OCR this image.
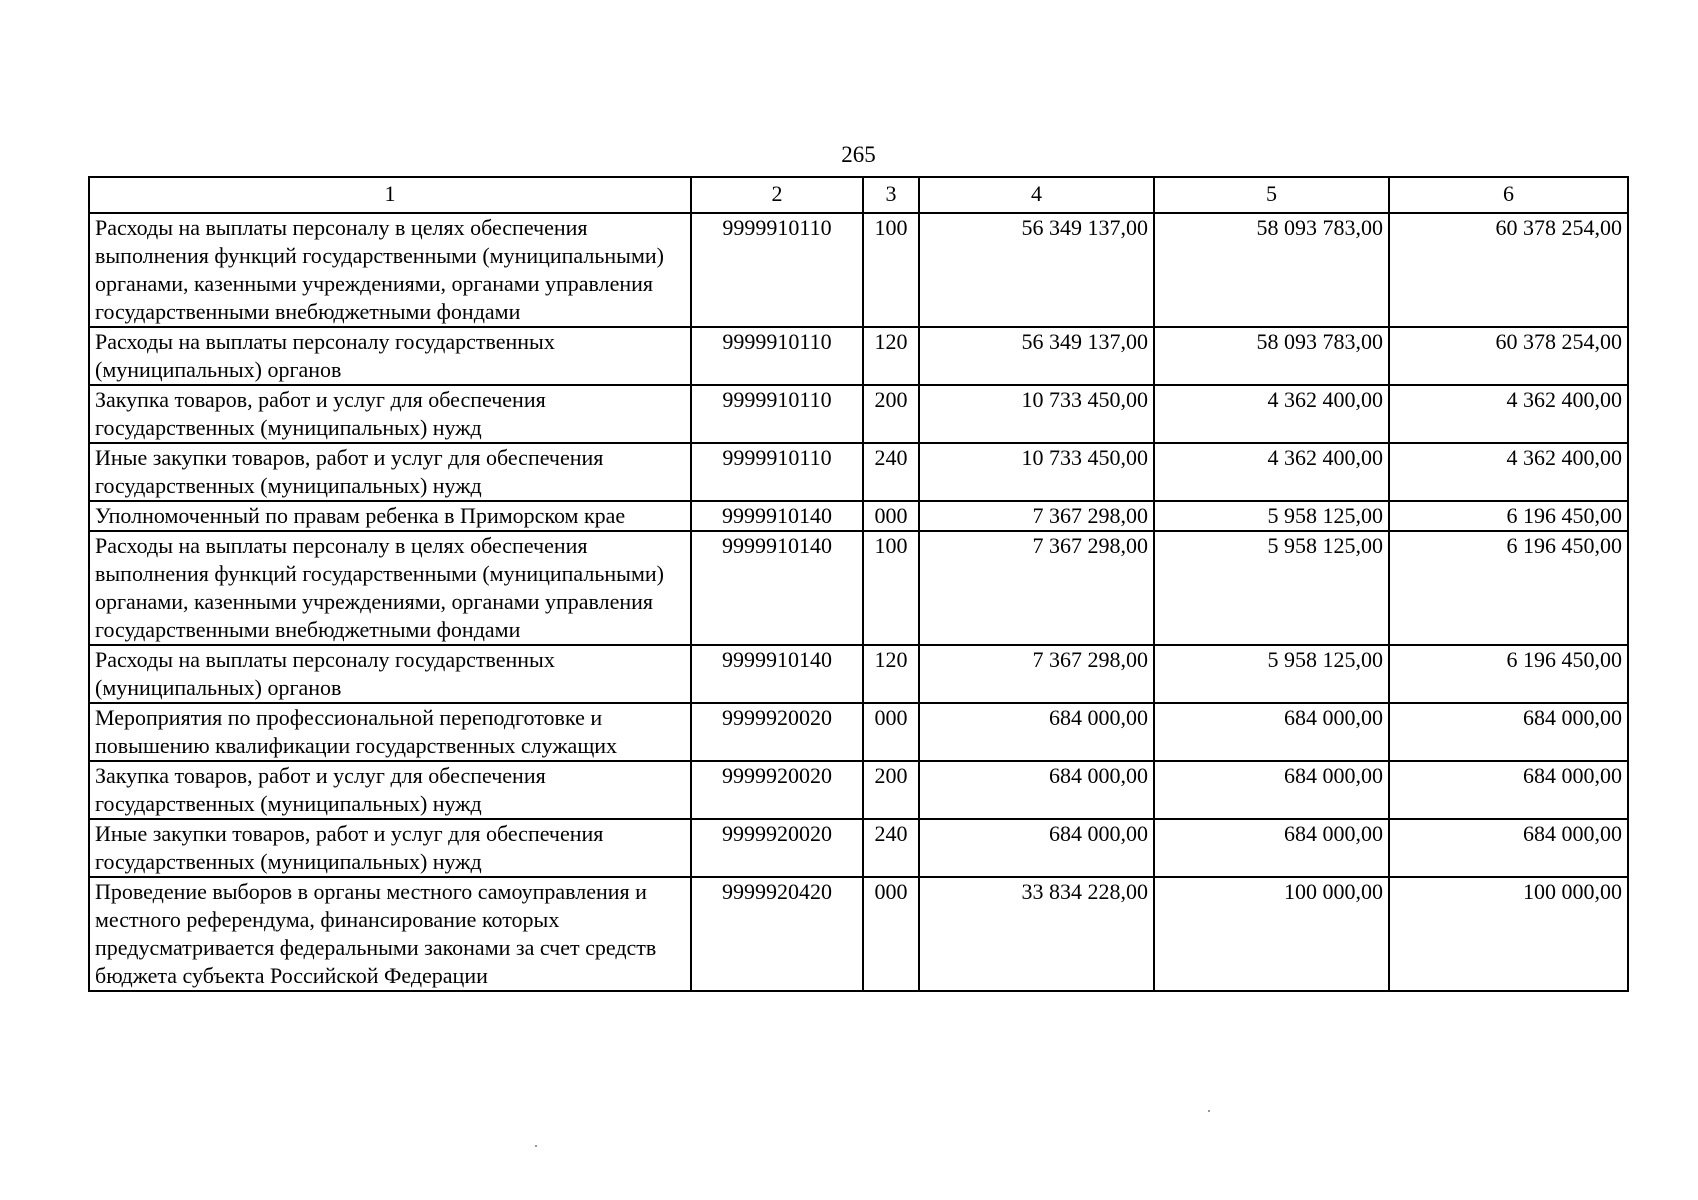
265
1	2	3	4	5	6
Расходы на выплаты персоналу в целях обеспечения выполнения функций государственными (муниципальными) органами, казенными учреждениями, органами управления государственными внебюджетными фондами	9999910110	100	56 349 137,00	58 093 783,00	60 378 254,00
Расходы на выплаты персоналу государственных (муниципальных) органов	9999910110	120	56 349 137,00	58 093 783,00	60 378 254,00
Закупка товаров, работ и услуг для обеспечения государственных (муниципальных) нужд	9999910110	200	10 733 450,00	4 362 400,00	4 362 400,00
Иные закупки товаров, работ и услуг для обеспечения государственных (муниципальных) нужд	9999910110	240	10 733 450,00	4 362 400,00	4 362 400,00
Уполномоченный по правам ребенка в Приморском крае	9999910140	000	7 367 298,00	5 958 125,00	6 196 450,00
Расходы на выплаты персоналу в целях обеспечения выполнения функций государственными (муниципальными) органами, казенными учреждениями, органами управления государственными внебюджетными фондами	9999910140	100	7 367 298,00	5 958 125,00	6 196 450,00
Расходы на выплаты персоналу государственных (муниципальных) органов	9999910140	120	7 367 298,00	5 958 125,00	6 196 450,00
Мероприятия по профессиональной переподготовке и повышению квалификации государственных служащих	9999920020	000	684 000,00	684 000,00	684 000,00
Закупка товаров, работ и услуг для обеспечения государственных (муниципальных) нужд	9999920020	200	684 000,00	684 000,00	684 000,00
Иные закупки товаров, работ и услуг для обеспечения государственных (муниципальных) нужд	9999920020	240	684 000,00	684 000,00	684 000,00
Проведение выборов в органы местного самоуправления и местного референдума, финансирование которых предусматривается федеральными законами за счет средств бюджета субъекта Российской Федерации	9999920420	000	33 834 228,00	100 000,00	100 000,00
